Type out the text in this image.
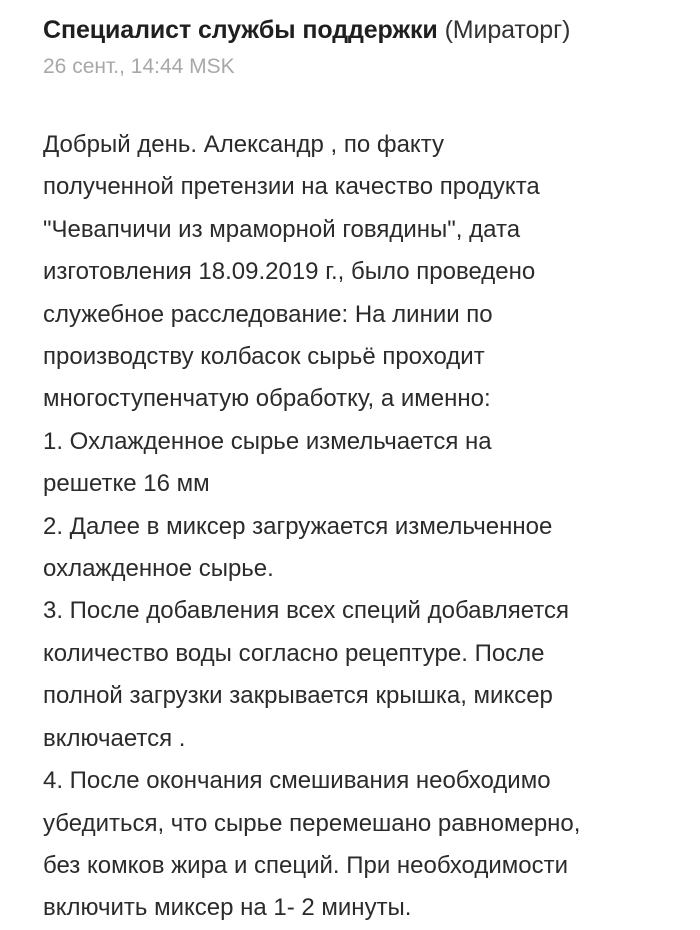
Специалист службы поддержки (Мираторг)
26 сент., 14:44 MSK
Добрый день. Александр , по факту
полученной претензии на качество продукта
"Чевапчичи из мраморной говядины", дата
изготовления 18.09.2019 г., было проведено
служебное расследование: На линии по
производству колбасок сырьё проходит
многоступенчатую обработку, а именно:
1. Охлажденное сырье измельчается на
решетке 16 мм
2. Далее в миксер загружается измельченное
охлажденное сырье.
3. После добавления всех специй добавляется
количество воды согласно рецептуре. После
полной загрузки закрывается крышка, миксер
включается .
4. После окончания смешивания необходимо
убедиться, что сырье перемешано равномерно,
без комков жира и специй. При необходимости
включить миксер на 1- 2 минуты.
